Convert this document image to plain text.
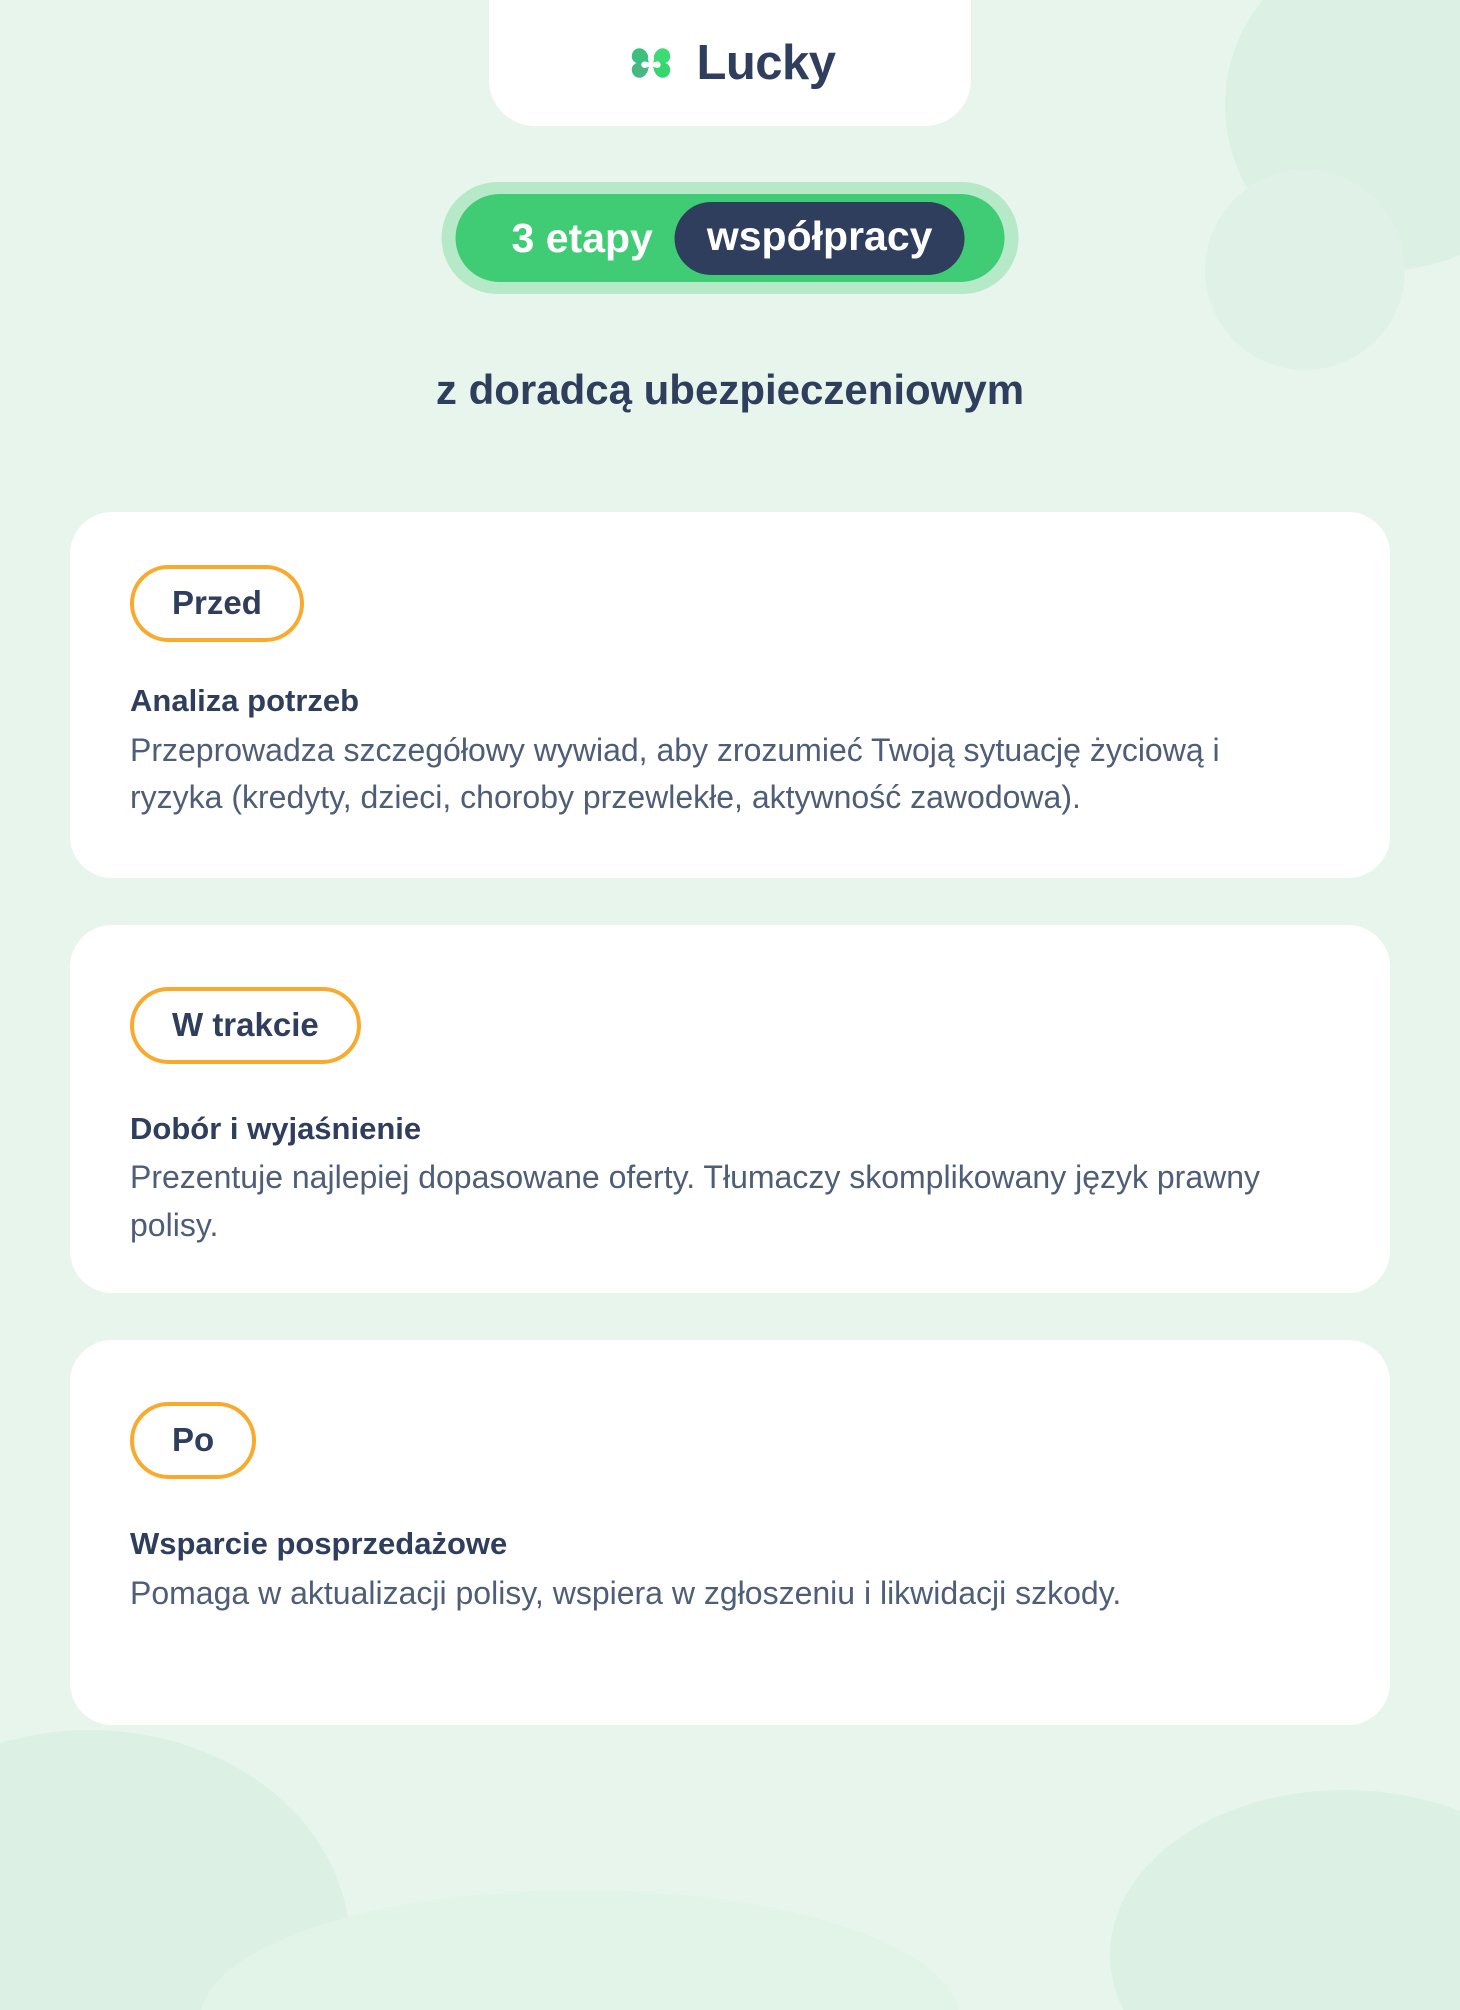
Lucky
3 etapy	współpracy
z doradcą ubezpieczeniowym
Przed
Analiza potrzeb
Przeprowadza szczegółowy wywiad, aby zrozumieć Twoją sytuację życiową i ryzyka (kredyty, dzieci, choroby przewlekłe, aktywność zawodowa).
W trakcie
Dobór i wyjaśnienie
Prezentuje najlepiej dopasowane oferty. Tłumaczy skomplikowany język prawny polisy.
Po
Wsparcie posprzedażowe
Pomaga w aktualizacji polisy, wspiera w zgłoszeniu i likwidacji szkody.
